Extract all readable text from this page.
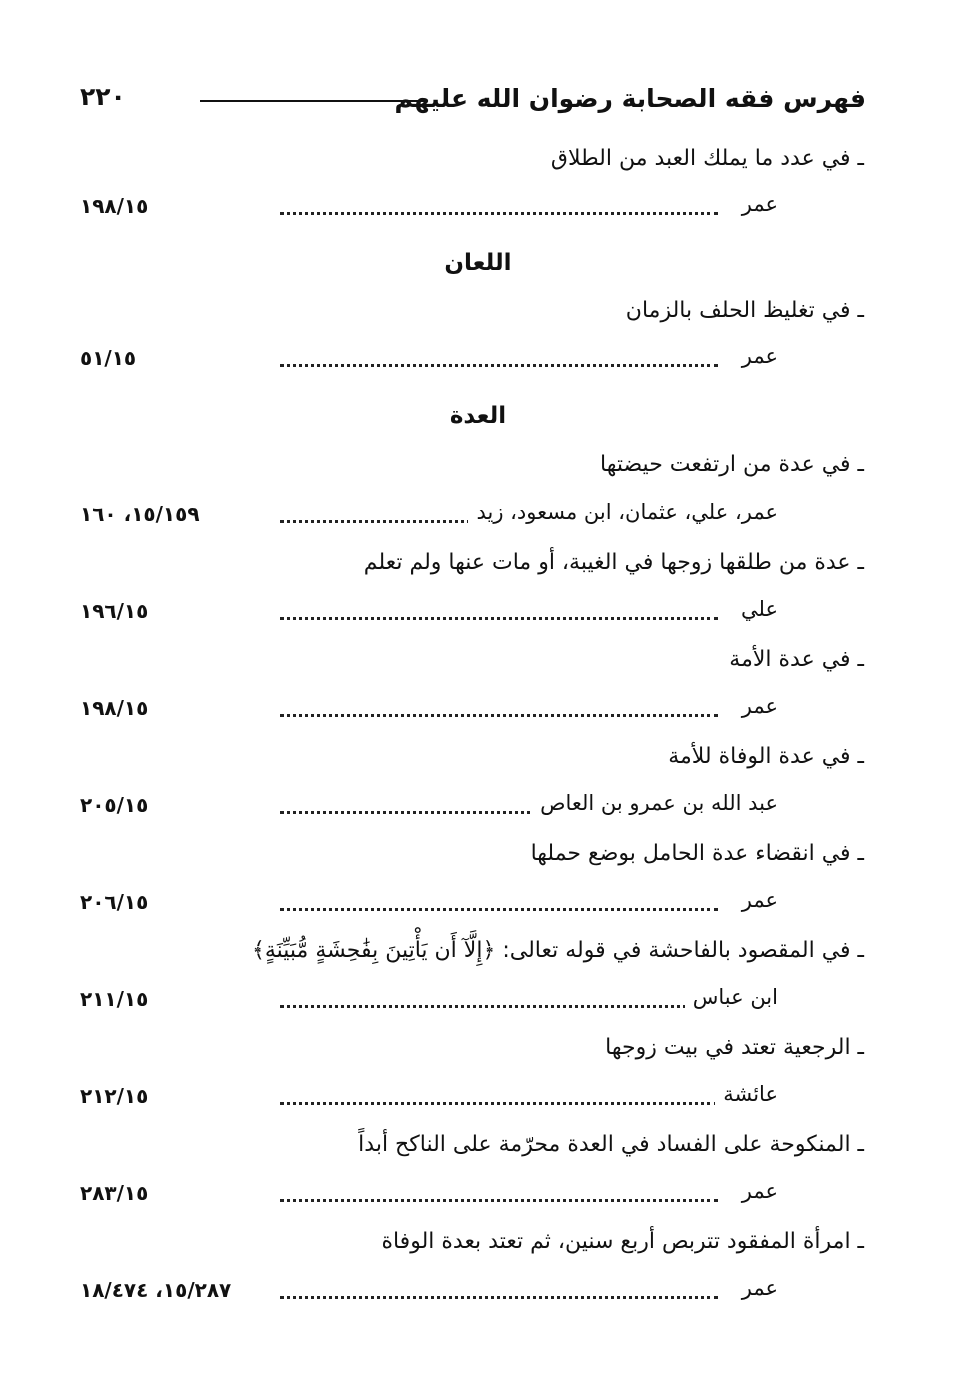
فهرس فقه الصحابة رضوان الله عليهم
٢٢٠
ـ في عدد ما يملك العبد من الطلاق
عمر
١٩٨/١٥
اللعان
ـ في تغليظ الحلف بالزمان
عمر
٥١/١٥
العدة
ـ في عدة من ارتفعت حيضتها
عمر، علي، عثمان، ابن مسعود، زيد
١٥/١٥٩، ١٦٠
ـ عدة من طلقها زوجها في الغيبة، أو مات عنها ولم تعلم
علي
١٩٦/١٥
ـ في عدة الأمة
عمر
١٩٨/١٥
ـ في عدة الوفاة للأمة
عبد الله بن عمرو بن العاص
٢٠٥/١٥
ـ في انقضاء عدة الحامل بوضع حملها
عمر
٢٠٦/١٥
ـ في المقصود بالفاحشة في قوله تعالى: ﴿إِلَّآ أَن يَأْتِينَ بِفَٰحِشَةٍ مُّبَيِّنَةٍ﴾
ابن عباس
٢١١/١٥
ـ الرجعية تعتد في بيت زوجها
عائشة
٢١٢/١٥
ـ المنكوحة على الفساد في العدة محرّمة على الناكح أبداً
عمر
٢٨٣/١٥
ـ امرأة المفقود تتربص أربع سنين، ثم تعتد بعدة الوفاة
عمر
١٥/٢٨٧، ١٨/٤٧٤
